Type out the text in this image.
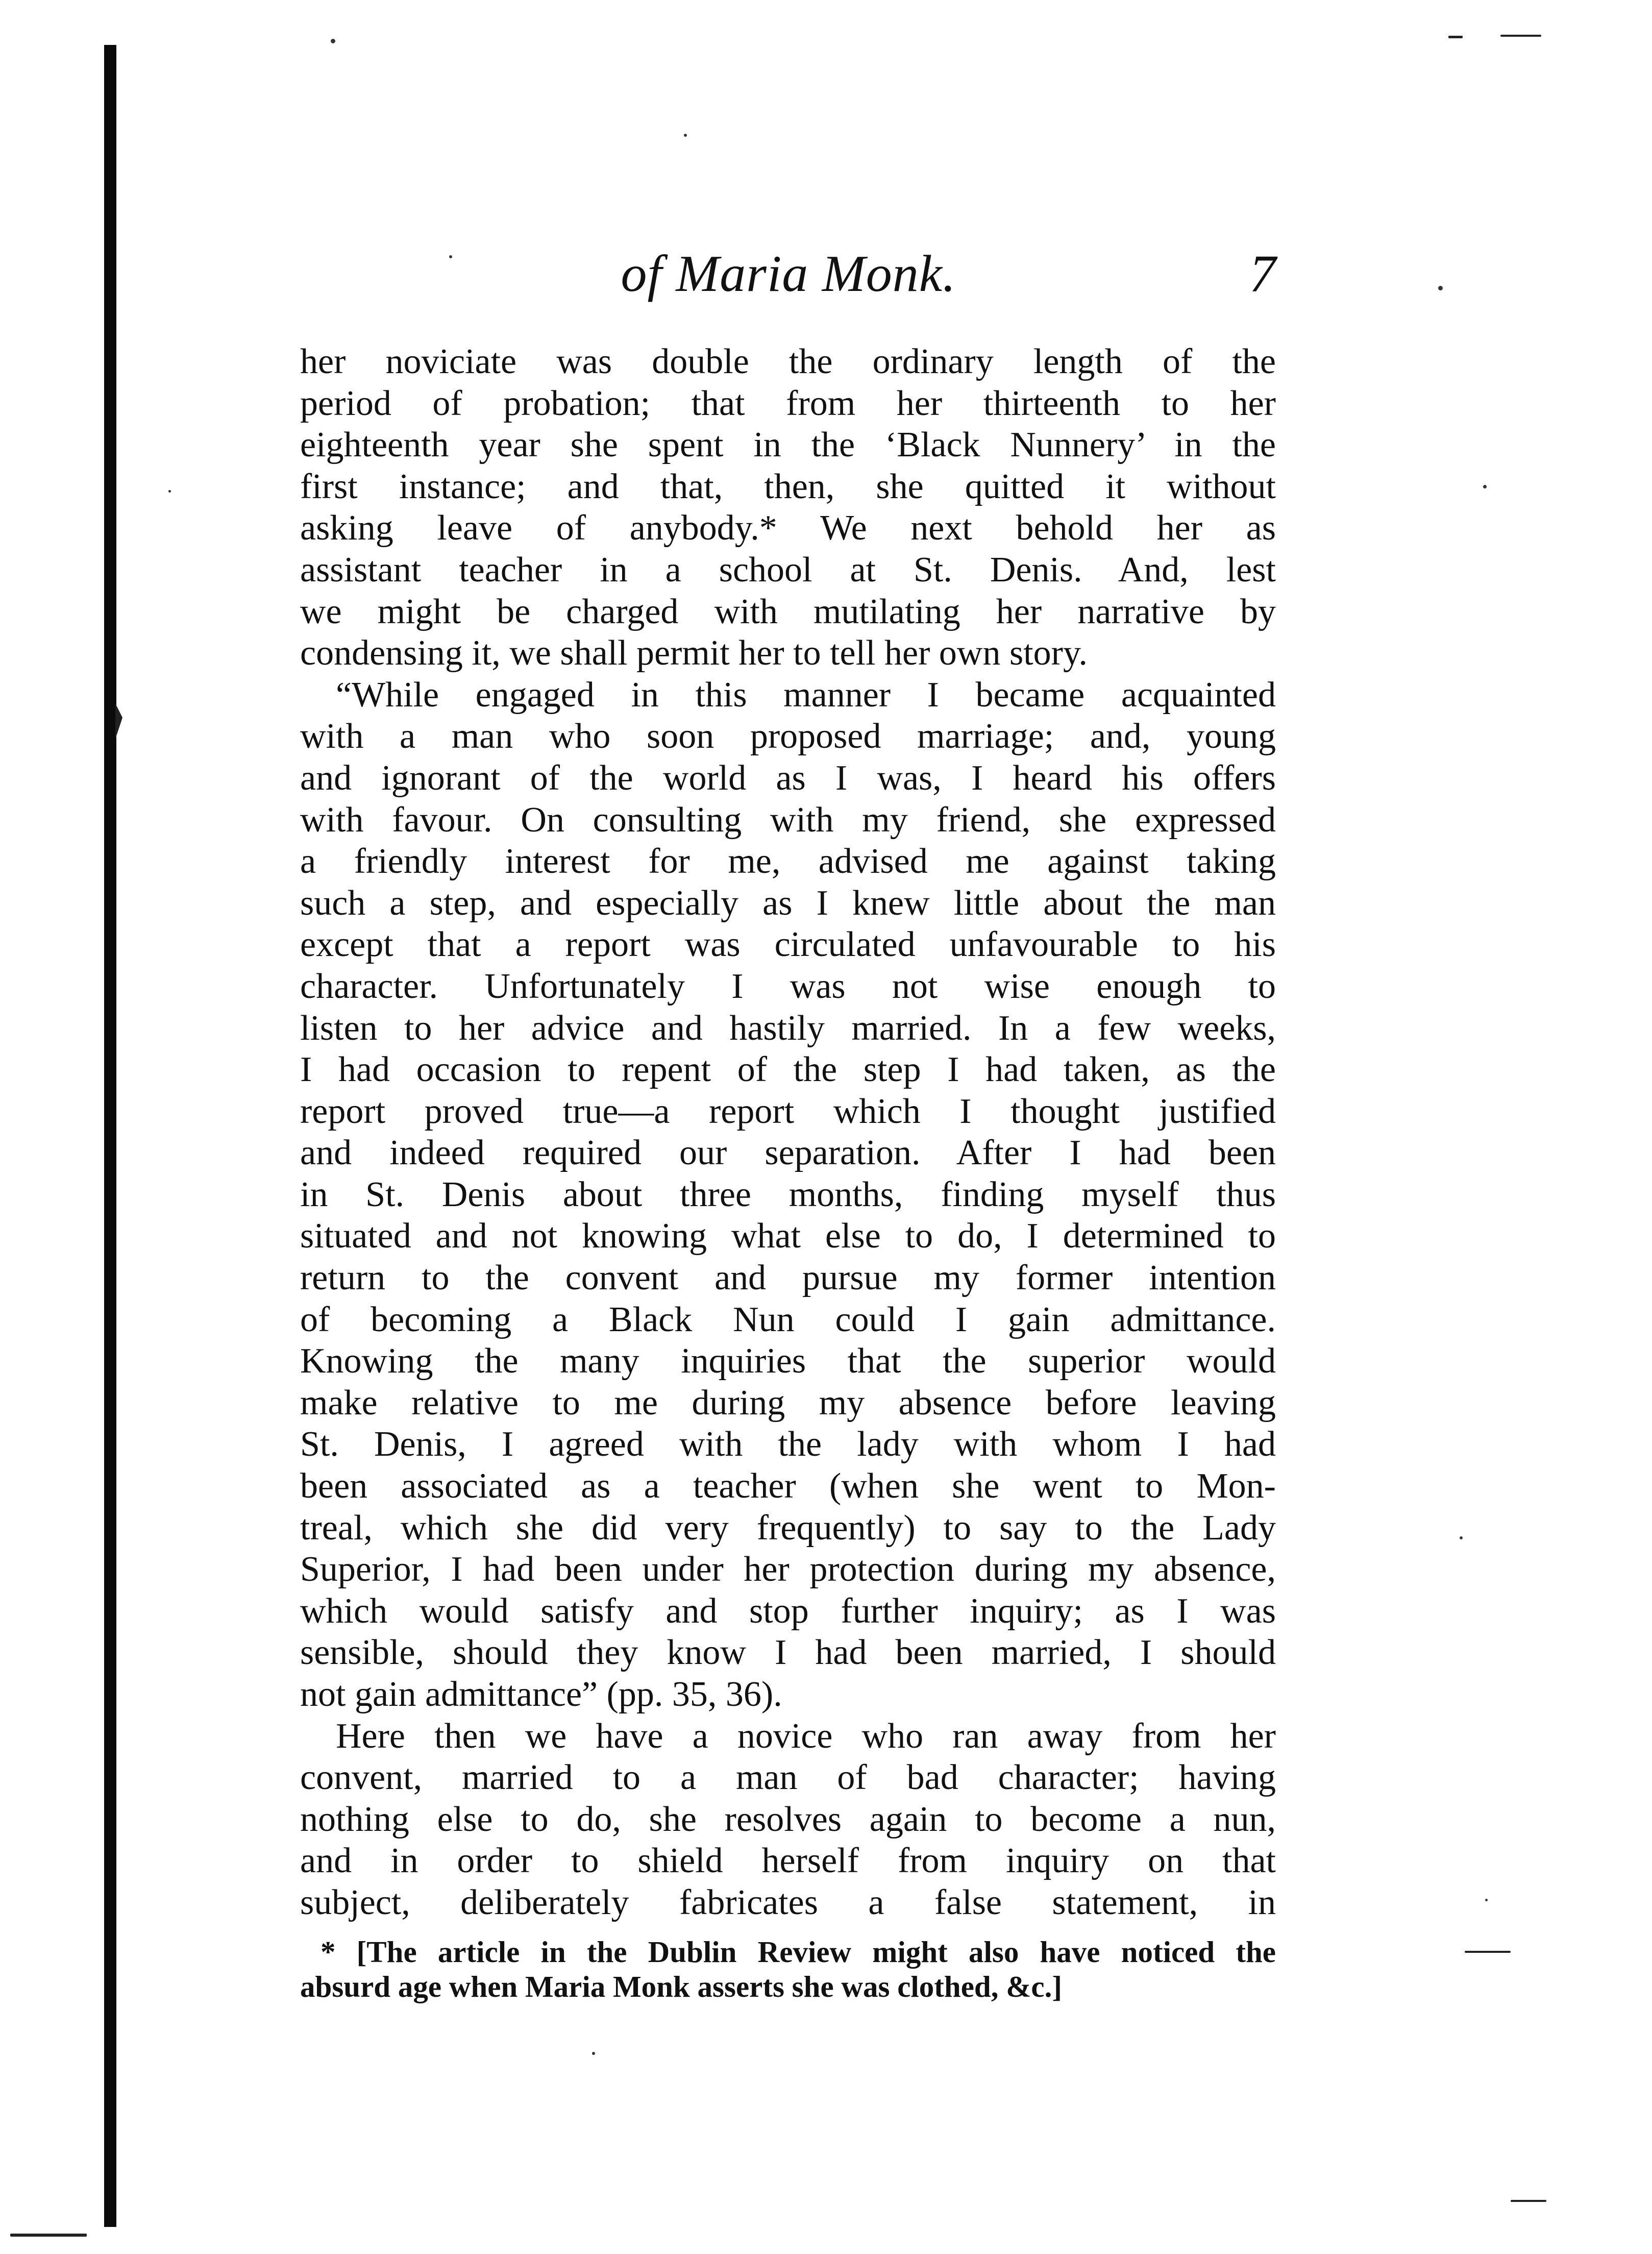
of Maria Monk.	7
her noviciate was double the ordinary length of the
period of probation; that from her thirteenth to her
eighteenth year she spent in the ‘Black Nunnery’ in the
first instance; and that, then, she quitted it without
asking leave of anybody.* We next behold her as
assistant teacher in a school at St. Denis. And, lest
we might be charged with mutilating her narrative by
condensing it, we shall permit her to tell her own story.
“While engaged in this manner I became acquainted
with a man who soon proposed marriage; and, young
and ignorant of the world as I was, I heard his offers
with favour. On consulting with my friend, she expressed
a friendly interest for me, advised me against taking
such a step, and especially as I knew little about the man
except that a report was circulated unfavourable to his
character. Unfortunately I was not wise enough to
listen to her advice and hastily married. In a few weeks,
I had occasion to repent of the step I had taken, as the
report proved true—a report which I thought justified
and indeed required our separation. After I had been
in St. Denis about three months, finding myself thus
situated and not knowing what else to do, I determined to
return to the convent and pursue my former intention
of becoming a Black Nun could I gain admittance.
Knowing the many inquiries that the superior would
make relative to me during my absence before leaving
St. Denis, I agreed with the lady with whom I had
been associated as a teacher (when she went to Mon-
treal, which she did very frequently) to say to the Lady
Superior, I had been under her protection during my absence,
which would satisfy and stop further inquiry; as I was
sensible, should they know I had been married, I should
not gain admittance” (pp. 35, 36).
Here then we have a novice who ran away from her
convent, married to a man of bad character; having
nothing else to do, she resolves again to become a nun,
and in order to shield herself from inquiry on that
subject, deliberately fabricates a false statement, in
* [The article in the Dublin Review might also have noticed the
absurd age when Maria Monk asserts she was clothed, &c.]
